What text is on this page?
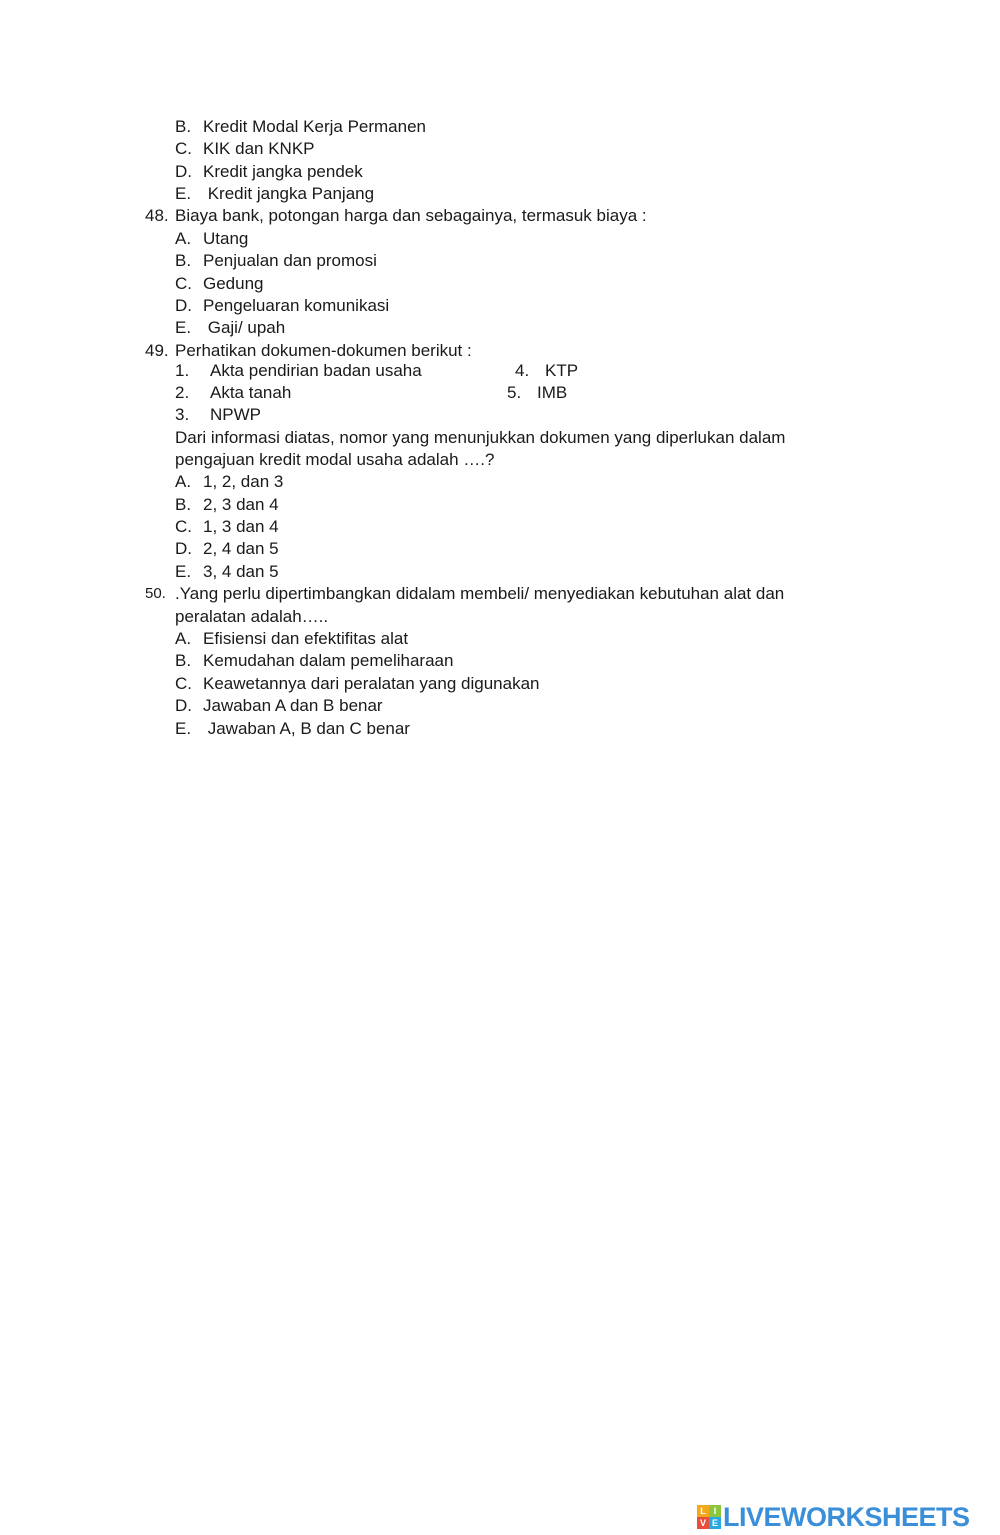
B. Kredit Modal Kerja Permanen
C. KIK dan KNKP
D. Kredit jangka pendek
E. Kredit jangka Panjang
48. Biaya bank, potongan harga dan sebagainya, termasuk biaya :
A. Utang
B. Penjualan dan promosi
C. Gedung
D. Pengeluaran komunikasi
E. Gaji/ upah
49. Perhatikan dokumen-dokumen berikut :
1. Akta pendirian badan usaha	4. KTP
2. Akta tanah	5. IMB
3. NPWP
Dari informasi diatas, nomor yang menunjukkan dokumen yang diperlukan dalam
pengajuan kredit modal usaha adalah ….?
A. 1, 2, dan 3
B. 2, 3 dan 4
C. 1, 3 dan 4
D. 2, 4 dan 5
E. 3, 4 dan 5
50. .Yang perlu dipertimbangkan didalam membeli/ menyediakan kebutuhan alat dan
peralatan adalah…..
A. Efisiensi dan efektifitas alat
B. Kemudahan dalam pemeliharaan
C. Keawetannya dari peralatan yang digunakan
D. Jawaban A dan B benar
E. Jawaban A, B dan C benar
L I
V E LIVEWORKSHEETS
